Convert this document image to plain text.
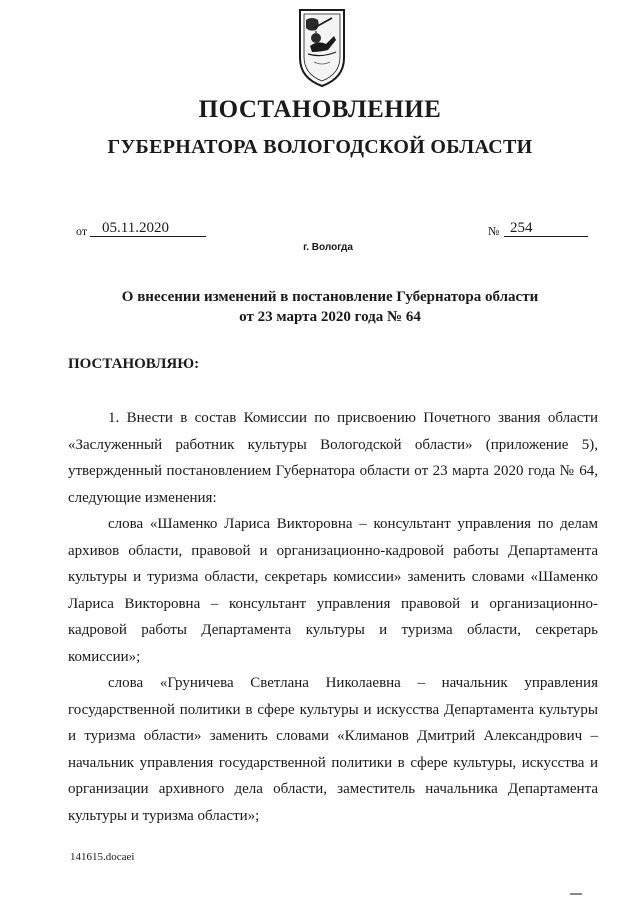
ПОСТАНОВЛЕНИЕ
ГУБЕРНАТОРА ВОЛОГОДСКОЙ ОБЛАСТИ
от 05.11.2020	№ 254
г. Вологда
О внесении изменений в постановление Губернатора области
от 23 марта 2020 года № 64
ПОСТАНОВЛЯЮ:

1. Внести в состав Комиссии по присвоению Почетного звания области «Заслуженный работник культуры Вологодской области» (приложение 5), утвержденный постановлением Губернатора области от 23 марта 2020 года № 64, следующие изменения:

слова «Шаменко Лариса Викторовна – консультант управления по делам архивов области, правовой и организационно-кадровой работы Департамента культуры и туризма области, секретарь комиссии» заменить словами «Шаменко Лариса Викторовна – консультант управления правовой и организационно-кадровой работы Департамента культуры и туризма области, секретарь комиссии»;

слова «Груничева Светлана Николаевна – начальник управления государственной политики в сфере культуры и искусства Департамента культуры и туризма области» заменить словами «Климанов Дмитрий Александрович – начальник управления государственной политики в сфере культуры, искусства и организации архивного дела области, заместитель начальника Департамента культуры и туризма области»;

141615.docaei
